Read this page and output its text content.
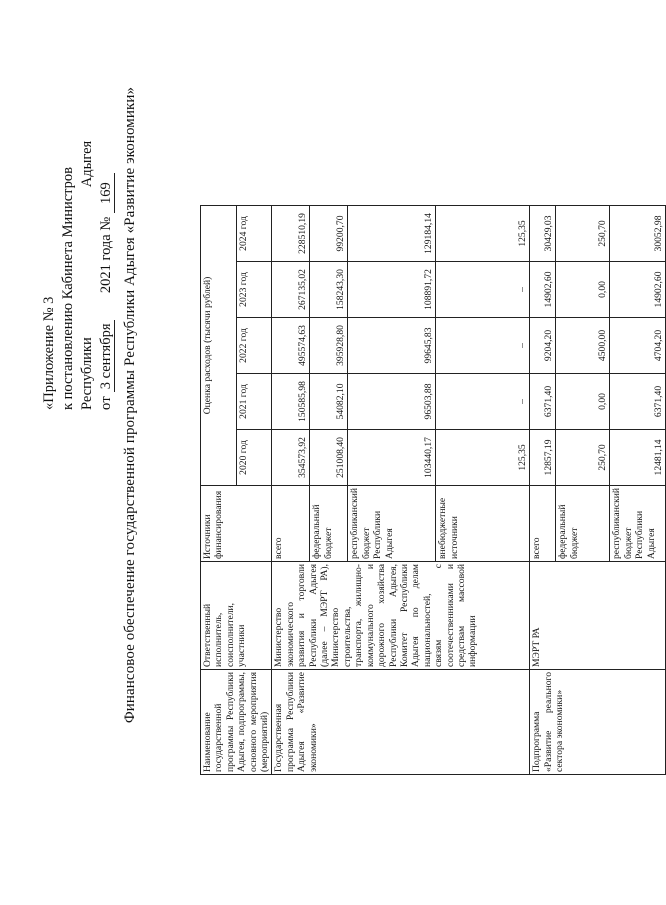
«Приложение № 3 к постановлению Кабинета Министров РеспубликиАдыгея
от 3 сентября  2021 года № 169 Финансовое обеспечение государственной программы Республики Адыгея «Развитие экономики»
Наименование государственной программы Республики Адыгея, подпрограммы, основного мероприятия (мероприятий)	Ответственный исполнитель, соисполнители, участники	Источники финансирования	Оценка расходов (тысячи рублей)				
			2020 год	2021 год	2022 год	2023 год	2024 год
Государственная программа Республики Адыгея «Развитие экономики»	Министерство экономического развития и торговли Республики Адыгея (далее – МЭРТ РА), Министерство строительства, транспорта, жилищно-коммунального и дорожного хозяйства Республики Адыгея, Комитет Республики Адыгея по делам национальностей, связям с соотечественниками и средствам массовой информации	всего	354573,92	150585,98	495574,63	267135,02	228510,19
		федеральный бюджет	251008,40	54082,10	395928,80	158243,30	99200,70
		республиканский бюджет Республики Адыгея	103440,17	96503,88	99645,83	108891,72	129184,14
		внебюджетные источники	125,35	–	–	–	125,35
Подпрограмма «Развитие реального сектора экономики»	МЭРТ РА	всего	12857,19	6371,40	9204,20	14902,60	30429,03
		федеральный бюджет	250,70	0,00	4500,00	0,00	250,70
		республиканский бюджет Республики Адыгея	12481,14	6371,40	4704,20	14902,60	30052,98
